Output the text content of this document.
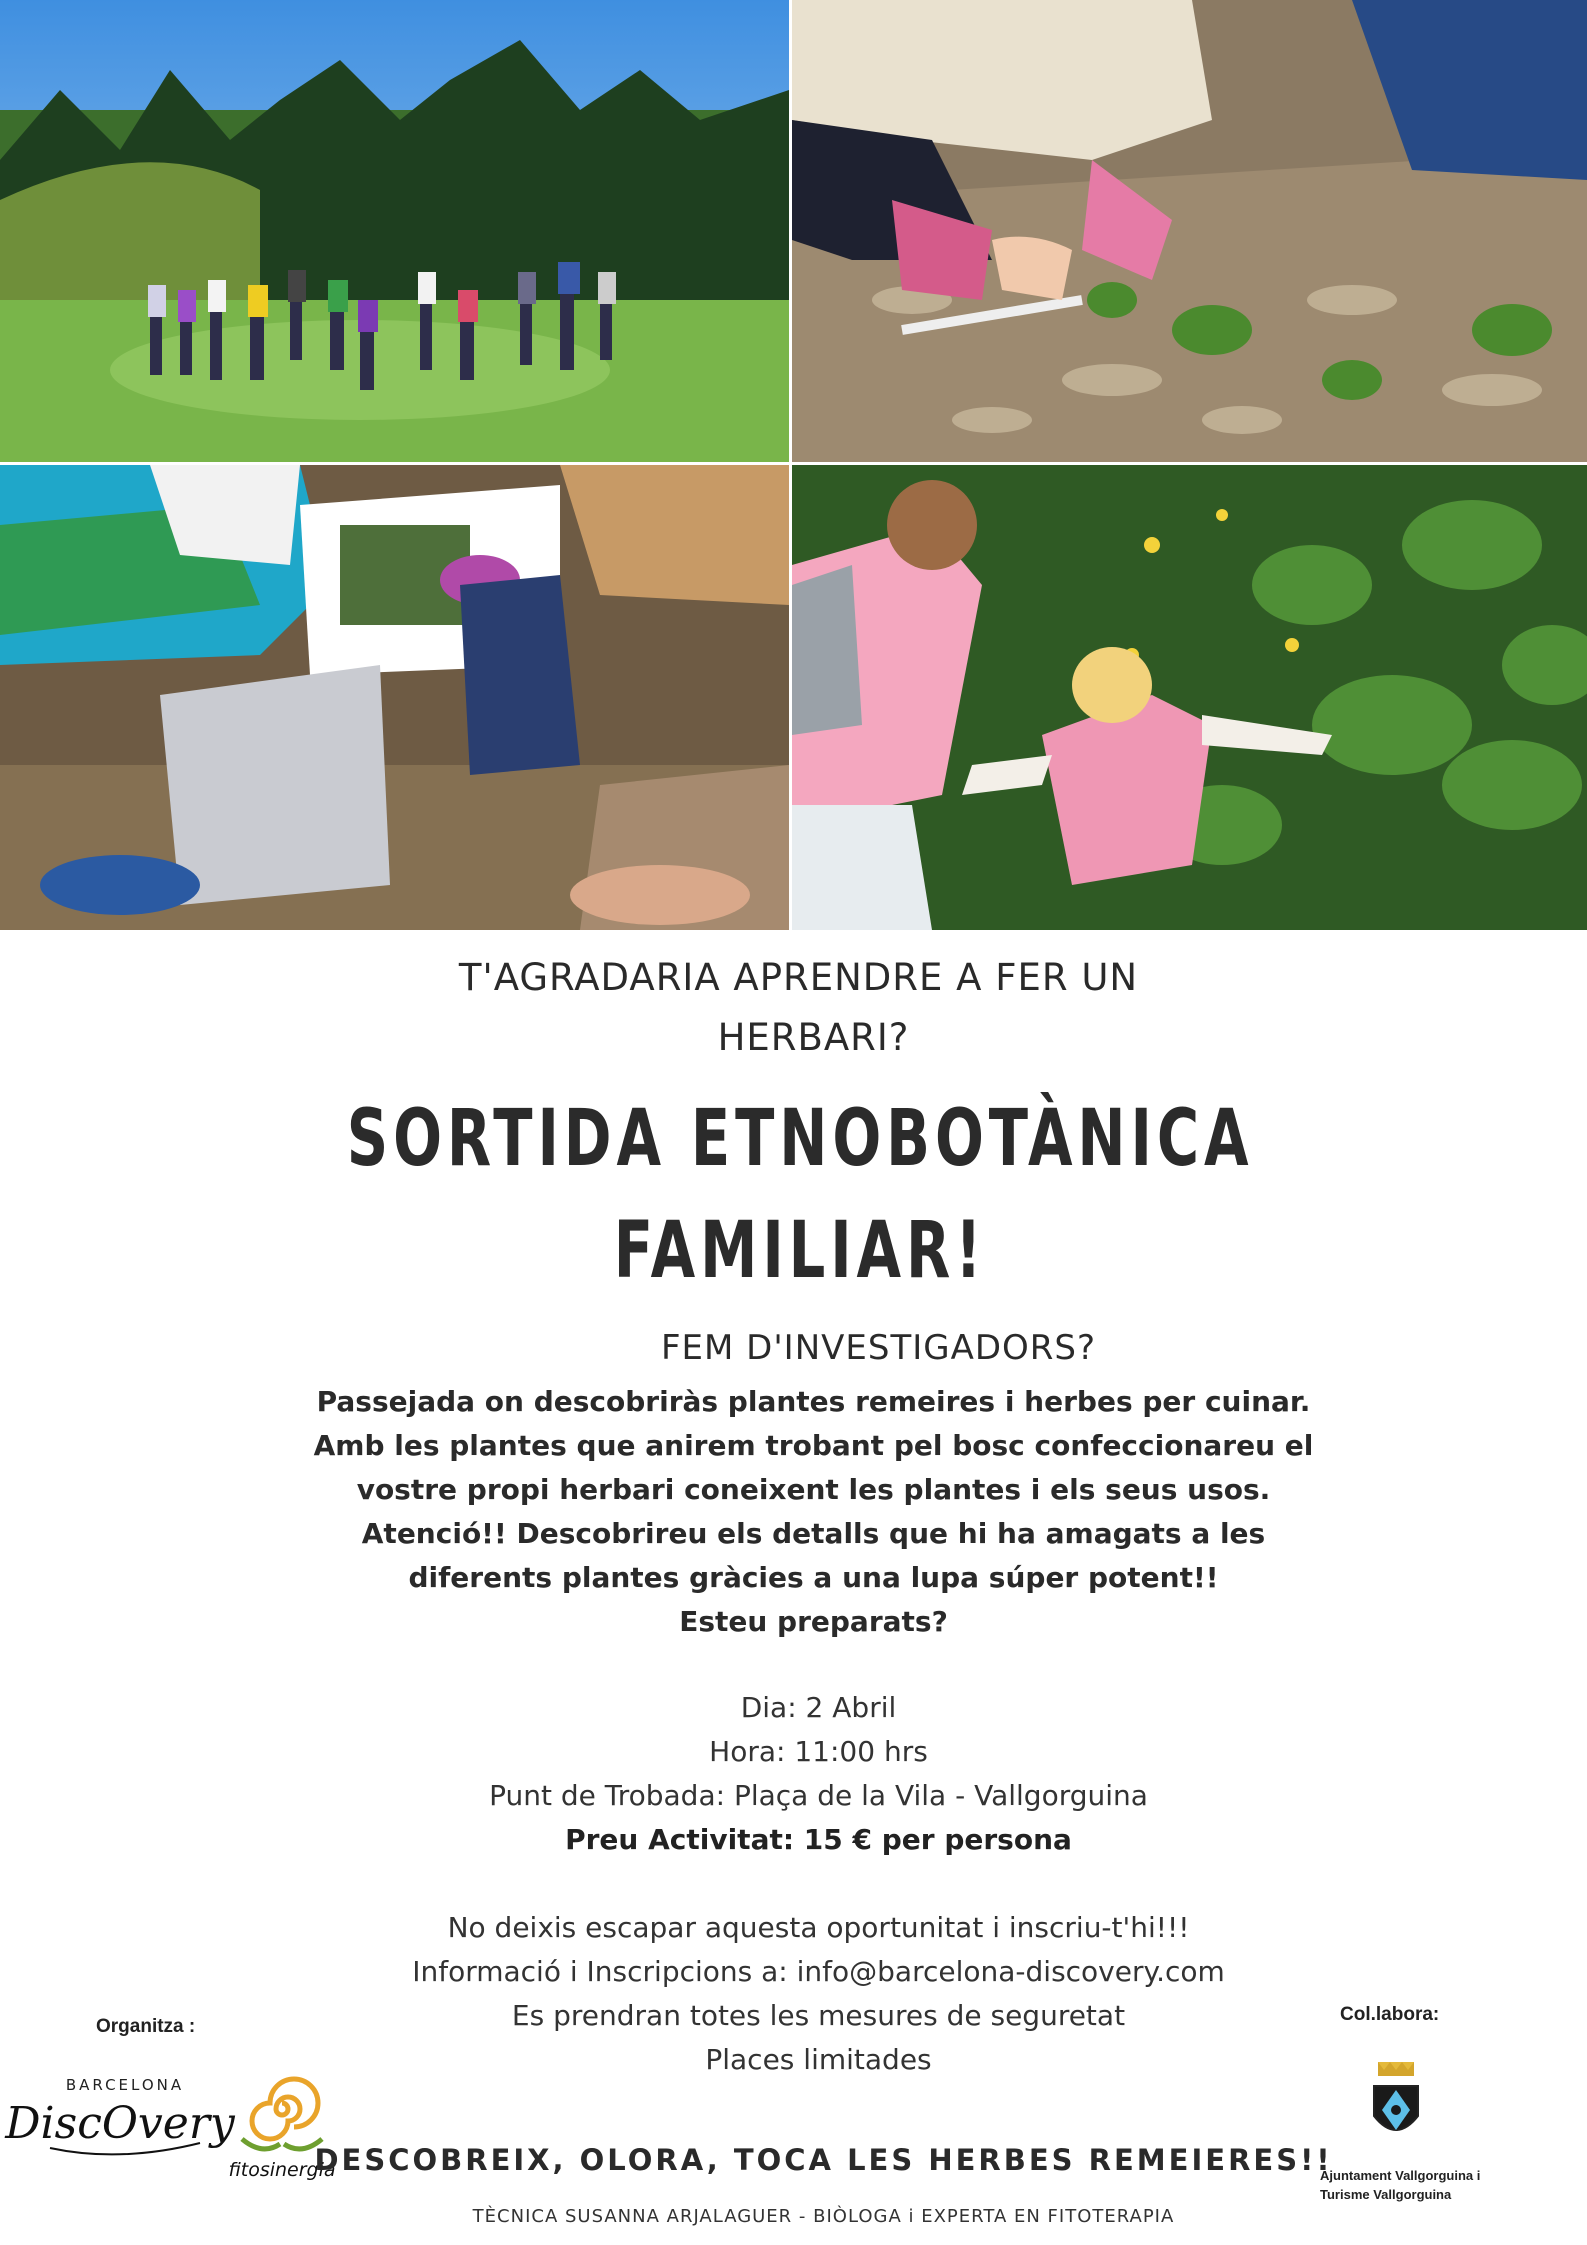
T'AGRADARIA APRENDRE A FER UN
HERBARI?
SORTIDA ETNOBOTÀNICA
FAMILIAR!
FEM D'INVESTIGADORS?
Passejada on descobriràs plantes remeires i herbes per cuinar.
Amb les plantes que anirem trobant pel bosc confeccionareu el
vostre propi herbari coneixent les plantes i els seus usos.
Atenció!! Descobrireu els detalls que hi ha amagats a les
diferents plantes gràcies a una lupa súper potent!!
Esteu preparats?
Dia: 2 Abril
Hora: 11:00 hrs
Punt de Trobada: Plaça de la Vila - Vallgorguina
Preu Activitat: 15 € per persona
No deixis escapar aquesta oportunitat i inscriu-t'hi!!!
Informació i Inscripcions a: info@barcelona-discovery.com
Es prendran totes les mesures de seguretat
Places limitades
Organitza :
Col.labora:
BARCELONA
DiscOvery
fitosinergia	Ajuntament Vallgorguina i
Turisme Vallgorguina
DESCOBREIX, OLORA, TOCA LES HERBES REMEIERES!!
TÈCNICA SUSANNA ARJALAGUER - BIÒLOGA i EXPERTA EN FITOTERAPIA
